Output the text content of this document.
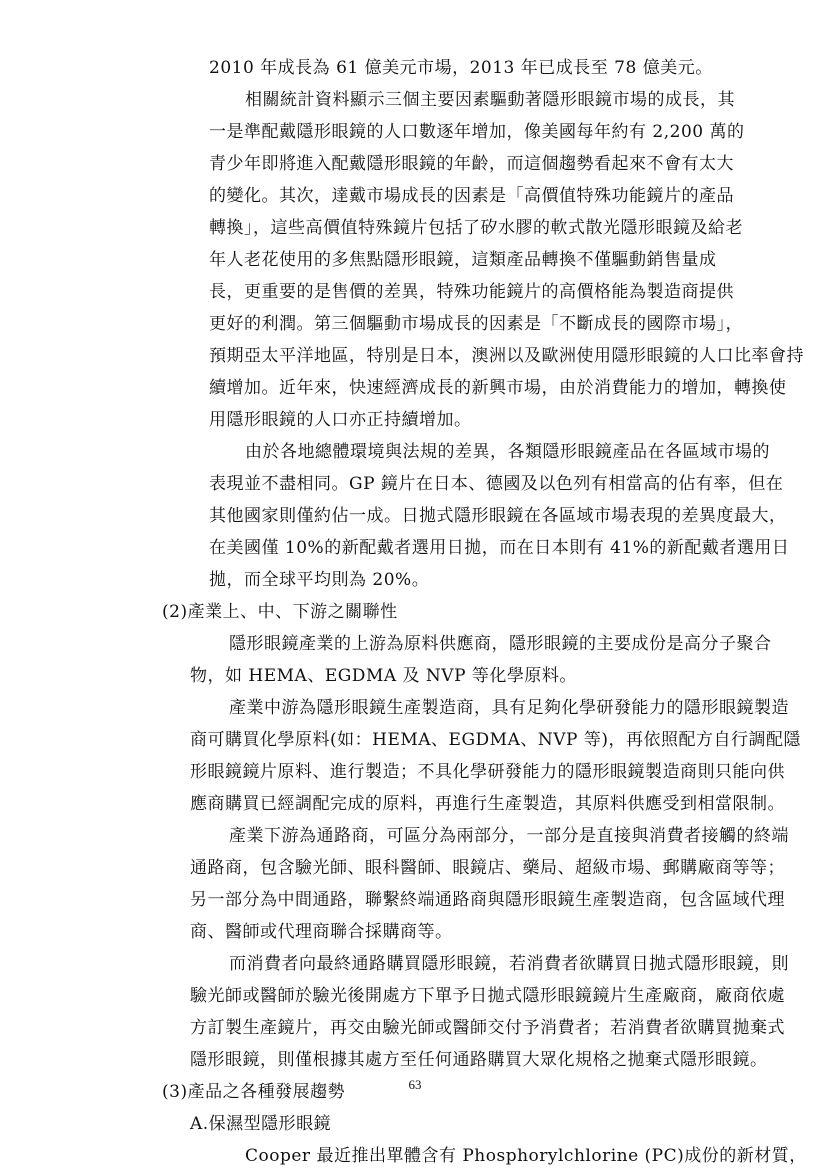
2010 年成長為 61 億美元市場，2013 年已成長至 78 億美元。
相關統計資料顯示三個主要因素驅動著隱形眼鏡市場的成長，其
一是準配戴隱形眼鏡的人口數逐年增加，像美國每年約有 2,200 萬的
青少年即將進入配戴隱形眼鏡的年齡，而這個趨勢看起來不會有太大
的變化。其次，達戴市場成長的因素是「高價值特殊功能鏡片的產品
轉換」，這些高價值特殊鏡片包括了矽水膠的軟式散光隱形眼鏡及給老
年人老花使用的多焦點隱形眼鏡，這類產品轉換不僅驅動銷售量成
長，更重要的是售價的差異，特殊功能鏡片的高價格能為製造商提供
更好的利潤。第三個驅動市場成長的因素是「不斷成長的國際市場」，
預期亞太平洋地區，特別是日本，澳洲以及歐洲使用隱形眼鏡的人口比率會持
續增加。近年來，快速經濟成長的新興市場，由於消費能力的增加，轉換使
用隱形眼鏡的人口亦正持續增加。
由於各地總體環境與法規的差異，各類隱形眼鏡產品在各區域市場的
表現並不盡相同。GP 鏡片在日本、德國及以色列有相當高的佔有率，但在
其他國家則僅約佔一成。日拋式隱形眼鏡在各區域市場表現的差異度最大，
在美國僅 10%的新配戴者選用日拋，而在日本則有 41%的新配戴者選用日
拋，而全球平均則為 20%。
(2)產業上、中、下游之關聯性
隱形眼鏡產業的上游為原料供應商，隱形眼鏡的主要成份是高分子聚合
物，如 HEMA、EGDMA 及 NVP 等化學原料。
產業中游為隱形眼鏡生產製造商，具有足夠化學研發能力的隱形眼鏡製造
商可購買化學原料(如：HEMA、EGDMA、NVP 等)，再依照配方自行調配隱
形眼鏡鏡片原料、進行製造；不具化學研發能力的隱形眼鏡製造商則只能向供
應商購買已經調配完成的原料，再進行生產製造，其原料供應受到相當限制。
產業下游為通路商，可區分為兩部分，一部分是直接與消費者接觸的終端
通路商，包含驗光師、眼科醫師、眼鏡店、藥局、超級市場、郵購廠商等等；
另一部分為中間通路，聯繫終端通路商與隱形眼鏡生產製造商，包含區域代理
商、醫師或代理商聯合採購商等。
而消費者向最終通路購買隱形眼鏡，若消費者欲購買日拋式隱形眼鏡，則
驗光師或醫師於驗光後開處方下單予日拋式隱形眼鏡鏡片生產廠商，廠商依處
方訂製生產鏡片，再交由驗光師或醫師交付予消費者；若消費者欲購買拋棄式
隱形眼鏡，則僅根據其處方至任何通路購買大眾化規格之拋棄式隱形眼鏡。
(3)產品之各種發展趨勢
A.保濕型隱形眼鏡
Cooper 最近推出單體含有 Phosphorylchlorine (PC)成份的新材質，
63
